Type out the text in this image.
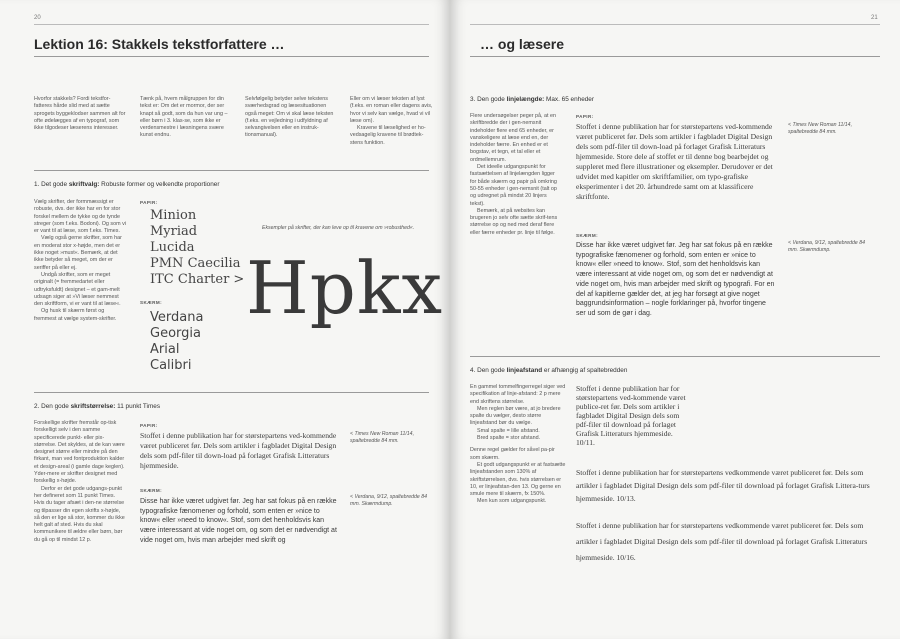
20
Lektion 16: Stakkels tekstforfattere …

Hvorfor stakkels? Fordi tekstfor-fatteres hårde slid med at sætte sprogets byggeklodser sammen alt for ofte ødelægges af en typograf, som ikke tilgodeser læserens interesser.

Tænk på, hvem målgruppen for din tekst er: Om det er mormor, der ser knapt så godt, som da hun var ung – eller børn i 3. klas-se, som ikke er verdensmestre i læsningens svære kunst endnu.

Selvfølgelig betyder selve tekstens sværhedsgrad og læsesituationen også meget: Om vi skal læse teksten (f.eks. en vejledning i udfyldning af selvangivelsen eller en instruk-tionsmanual).

Eller om vi læser teksten af lyst (f.eks. en roman eller dagens avis, hvor vi selv kan vælge, hvad vi vil læse om).

Kravene til læselighed er ho-vedsagelig kravene til brødtek-stens funktion.

1. Det gode skriftvalg: Robuste former og velkendte proportioner

Vælg skrifter, der formmæssigt er robuste, dvs. der ikke har en for stor forskel mellem de tykke og de tynde streger (som f.eks. Bodoni). Og som vi er vant til at læse, som f.eks. Times.

Vælg også gerne skrifter, som har en moderat stor x-højde, men det er ikke noget »must«. Bemærk, at det ikke betyder så meget, om der er seriffer på eller ej.

Undgå skrifter, som er meget originalt (= fremmedartet eller udtryksfuldt) designet – et gam-melt udsagn siger at »Vi læser nemmest den skriftform, vi er vant til at læse«.

Og husk til skærm først og fremmest at vælge system-skrifter.

PAPIR:
Minion
Myriad
Lucida
PMN Caecilia
ITC Charter >
SKÆRM:
Verdana
Georgia
Arial
Calibri
Eksempler på skrifter, der kan leve op til kravene om »robusthed«.
Hpkx
2. Den gode skriftstørrelse: 11 punkt Times

Forskellige skrifter fremstår op-tisk forskelligt selv i den samme specificerede punkt- eller pix-størrelse. Det skyldes, at de kan være designet større eller mindre på den firkant, man ved fontproduktion kalder et design-areal (i gamle dage keglen). Yder-mere er skrifter designet med forskellig x-højde.

Derfor er det gode udgangs-punkt her defineret som 11 punkt Times. Hvis du tager afsæt i den-ne størrelse og tilpasser din egen skrifts x-højde, så den er lige så stor, kommer du ikke helt galt af sted. Hvis du skal kommunikere til ældre eller børn, bør du gå op til mindst 12 p.

PAPIR:
Stoffet i denne publikation har for størstepartens ved-kommende været publiceret før. Dels som artikler i fagbladet Digital Design dels som pdf-filer til down-load på forlaget Grafisk Litteraturs hjemmeside.
< Times New Roman 11/14, spaltebredde 84 mm.
SKÆRM:
Disse har ikke været udgivet før. Jeg har sat fokus på en række typografiske fænomener og forhold, som enten er »nice to know« eller »need to know«. Stof, som det henholdsvis kan være interessant at vide noget om, og som det er nødvendigt at vide noget om, hvis man arbejder med skrift og
< Verdana, 9/12, spaltebredde 84 mm. Skærmdump.
21
… og læsere
3. Den gode linjelængde: Max. 65 enheder

Flere undersøgelser peger på, at en skriftbredde der i gen-nemsnit indeholder flere end 65 enheder, er vanskeligere at læse end en, der indeholder færre. En enhed er et bogstav, et tegn, et tal eller et ordmellemrum.

Det ideelle udgangspunkt for fastsættelsen af linjelængden ligger for både skærm og papir på omkring 50-55 enheder i gen-nemsnit (talt op og udregnet på mindst 20 linjers tekst).

Bemærk, at på websites kan brugeren jo selv ofte sætte skrif-tens størrelse op og ned med deraf flere eller færre enheder pr. linje til følge.

PAPIR:
Stoffet i denne publikation har for størstepartens ved-kommende været publiceret før. Dels som artikler i fagbladet Digital Design dels som pdf-filer til down-load på forlaget Grafisk Litteraturs hjemmeside. Store dele af stoffet er til denne bog bearbejdet og suppleret med flere illustrationer og eksempler. Derudover er det udvidet med kapitler om skriftfamilier, om typo-grafiske eksperimenter i det 20. århundrede samt om at klassificere skriftfonte.
< Times New Roman 11/14, spaltebredde 84 mm.
SKÆRM:
Disse har ikke været udgivet før. Jeg har sat fokus på en række typografiske fænomener og forhold, som enten er »nice to know« eller »need to know«. Stof, som det henholdsvis kan være interessant at vide noget om, og som det er nødvendigt at vide noget om, hvis man arbejder med skrift og typografi. For en del af kapitlerne gælder det, at jeg har forsøgt at give noget baggrundsinformation – nogle forklaringer på, hvorfor tingene ser ud som de gør i dag.
< Verdana, 9/12, spaltebredde 84 mm. Skærmdump.
4. Den gode linjeafstand er afhængig af spaltebredden

En gammel tommelfingerregel siger ved specifikation af linje-afstand: 2 p mere end skriftens størrelse.

Men reglen bør være, at jo bredere spalte du vælger, desto større linjeafstand bør du vælge.

Smal spalte = lille afstand.

Bred spalte = stor afstand.

Denne regel gælder for såvel pa-pir som skærm.

Et godt udgangspunkt er at fastsætte linjeafstanden som 130% af skriftstørrelsen, dvs. hvis størrelsen er 10, er linjeafstan-den 13. Og gerne en smule mere til skærm, fx 150%.

Men kun som udgangspunkt.

Stoffet i denne publikation har for størstepartens ved-kommende været publice-ret før. Dels som artikler i fagbladet Digital Design dels som pdf-filer til download på forlaget Grafisk Litteraturs hjemmeside. 10/11.
Stoffet i denne publikation har for størstepartens vedkommende været publiceret før. Dels som artikler i fagbladet Digital Design dels som pdf-filer til download på forlaget Grafisk Littera-turs hjemmeside. 10/13.
Stoffet i denne publikation har for størstepartens vedkommende været publiceret før. Dels som artikler i fagbladet Digital Design dels som pdf-filer til download på forlaget Grafisk Litteraturs hjemmeside. 10/16.
